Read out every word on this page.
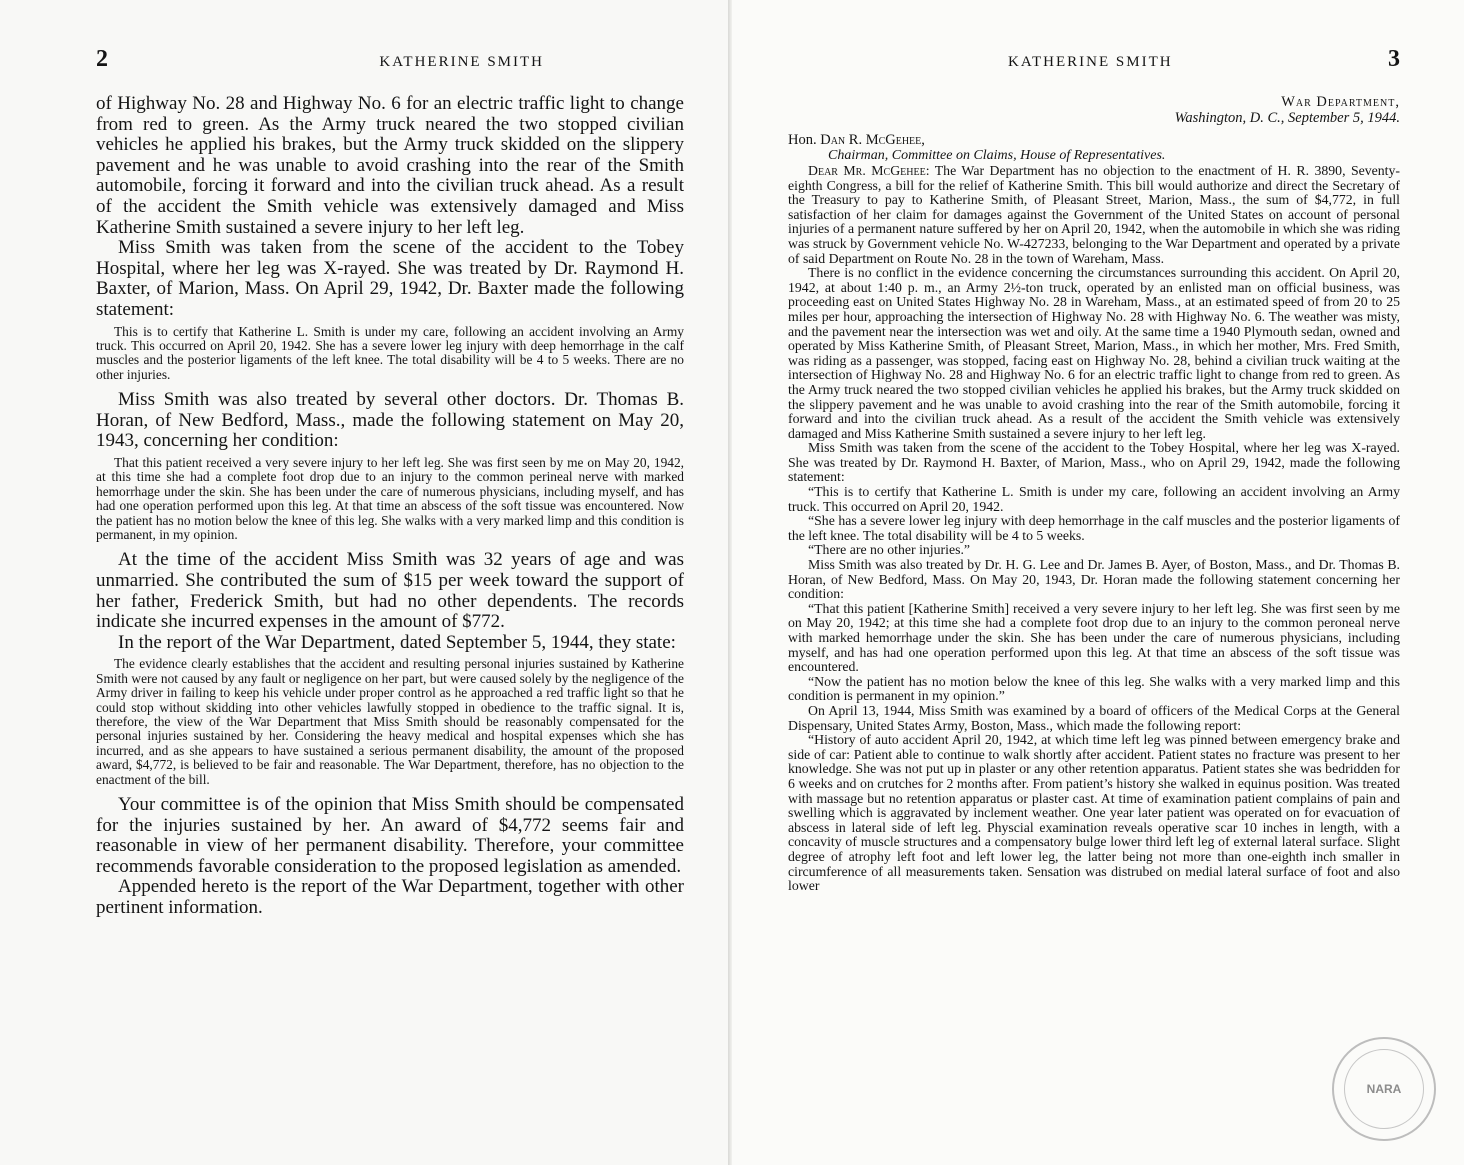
2	KATHERINE SMITH

of Highway No. 28 and Highway No. 6 for an electric traffic light to change from red to green. As the Army truck neared the two stopped civilian vehicles he applied his brakes, but the Army truck skidded on the slippery pavement and he was unable to avoid crashing into the rear of the Smith automobile, forcing it forward and into the civilian truck ahead. As a result of the accident the Smith vehicle was extensively damaged and Miss Katherine Smith sustained a severe injury to her left leg.

Miss Smith was taken from the scene of the accident to the Tobey Hospital, where her leg was X-rayed. She was treated by Dr. Raymond H. Baxter, of Marion, Mass. On April 29, 1942, Dr. Baxter made the following statement:

This is to certify that Katherine L. Smith is under my care, following an accident involving an Army truck. This occurred on April 20, 1942. She has a severe lower leg injury with deep hemorrhage in the calf muscles and the posterior ligaments of the left knee. The total disability will be 4 to 5 weeks. There are no other injuries.

Miss Smith was also treated by several other doctors. Dr. Thomas B. Horan, of New Bedford, Mass., made the following statement on May 20, 1943, concerning her condition:

That this patient received a very severe injury to her left leg. She was first seen by me on May 20, 1942, at this time she had a complete foot drop due to an injury to the common perineal nerve with marked hemorrhage under the skin. She has been under the care of numerous physicians, including myself, and has had one operation performed upon this leg. At that time an abscess of the soft tissue was encountered. Now the patient has no motion below the knee of this leg. She walks with a very marked limp and this condition is permanent, in my opinion.

At the time of the accident Miss Smith was 32 years of age and was unmarried. She contributed the sum of $15 per week toward the support of her father, Frederick Smith, but had no other dependents. The records indicate she incurred expenses in the amount of $772.

In the report of the War Department, dated September 5, 1944, they state:

The evidence clearly establishes that the accident and resulting personal injuries sustained by Katherine Smith were not caused by any fault or negligence on her part, but were caused solely by the negligence of the Army driver in failing to keep his vehicle under proper control as he approached a red traffic light so that he could stop without skidding into other vehicles lawfully stopped in obedience to the traffic signal. It is, therefore, the view of the War Department that Miss Smith should be reasonably compensated for the personal injuries sustained by her. Considering the heavy medical and hospital expenses which she has incurred, and as she appears to have sustained a serious permanent disability, the amount of the proposed award, $4,772, is believed to be fair and reasonable. The War Department, therefore, has no objection to the enactment of the bill.

Your committee is of the opinion that Miss Smith should be compensated for the injuries sustained by her. An award of $4,772 seems fair and reasonable in view of her permanent disability. Therefore, your committee recommends favorable consideration to the proposed legislation as amended.

Appended hereto is the report of the War Department, together with other pertinent information.

KATHERINE SMITH	3

War Department,
Washington, D. C., September 5, 1944.

Hon. Dan R. McGehee,

Chairman, Committee on Claims, House of Representatives.

Dear Mr. McGehee: The War Department has no objection to the enactment of H. R. 3890, Seventy-eighth Congress, a bill for the relief of Katherine Smith. This bill would authorize and direct the Secretary of the Treasury to pay to Katherine Smith, of Pleasant Street, Marion, Mass., the sum of $4,772, in full satisfaction of her claim for damages against the Government of the United States on account of personal injuries of a permanent nature suffered by her on April 20, 1942, when the automobile in which she was riding was struck by Government vehicle No. W-427233, belonging to the War Department and operated by a private of said Department on Route No. 28 in the town of Wareham, Mass.

There is no conflict in the evidence concerning the circumstances surrounding this accident. On April 20, 1942, at about 1:40 p. m., an Army 2½-ton truck, operated by an enlisted man on official business, was proceeding east on United States Highway No. 28 in Wareham, Mass., at an estimated speed of from 20 to 25 miles per hour, approaching the intersection of Highway No. 28 with Highway No. 6. The weather was misty, and the pavement near the intersection was wet and oily. At the same time a 1940 Plymouth sedan, owned and operated by Miss Katherine Smith, of Pleasant Street, Marion, Mass., in which her mother, Mrs. Fred Smith, was riding as a passenger, was stopped, facing east on Highway No. 28, behind a civilian truck waiting at the intersection of Highway No. 28 and Highway No. 6 for an electric traffic light to change from red to green. As the Army truck neared the two stopped civilian vehicles he applied his brakes, but the Army truck skidded on the slippery pavement and he was unable to avoid crashing into the rear of the Smith automobile, forcing it forward and into the civilian truck ahead. As a result of the accident the Smith vehicle was extensively damaged and Miss Katherine Smith sustained a severe injury to her left leg.

Miss Smith was taken from the scene of the accident to the Tobey Hospital, where her leg was X-rayed. She was treated by Dr. Raymond H. Baxter, of Marion, Mass., who on April 29, 1942, made the following statement:

“This is to certify that Katherine L. Smith is under my care, following an accident involving an Army truck. This occurred on April 20, 1942.

“She has a severe lower leg injury with deep hemorrhage in the calf muscles and the posterior ligaments of the left knee. The total disability will be 4 to 5 weeks.

“There are no other injuries.”

Miss Smith was also treated by Dr. H. G. Lee and Dr. James B. Ayer, of Boston, Mass., and Dr. Thomas B. Horan, of New Bedford, Mass. On May 20, 1943, Dr. Horan made the following statement concerning her condition:

“That this patient [Katherine Smith] received a very severe injury to her left leg. She was first seen by me on May 20, 1942; at this time she had a complete foot drop due to an injury to the common peroneal nerve with marked hemorrhage under the skin. She has been under the care of numerous physicians, including myself, and has had one operation performed upon this leg. At that time an abscess of the soft tissue was encountered.

“Now the patient has no motion below the knee of this leg. She walks with a very marked limp and this condition is permanent in my opinion.”

On April 13, 1944, Miss Smith was examined by a board of officers of the Medical Corps at the General Dispensary, United States Army, Boston, Mass., which made the following report:

“History of auto accident April 20, 1942, at which time left leg was pinned between emergency brake and side of car: Patient able to continue to walk shortly after accident. Patient states no fracture was present to her knowledge. She was not put up in plaster or any other retention apparatus. Patient states she was bedridden for 6 weeks and on crutches for 2 months after. From patient’s history she walked in equinus position. Was treated with massage but no retention apparatus or plaster cast. At time of examination patient complains of pain and swelling which is aggravated by inclement weather. One year later patient was operated on for evacuation of abscess in lateral side of left leg. Physcial examination reveals operative scar 10 inches in length, with a concavity of muscle structures and a compensatory bulge lower third left leg of external lateral surface. Slight degree of atrophy left foot and left lower leg, the latter being not more than one-eighth inch smaller in circumference of all measurements taken. Sensation was distrubed on medial lateral surface of foot and also lower

NARA
